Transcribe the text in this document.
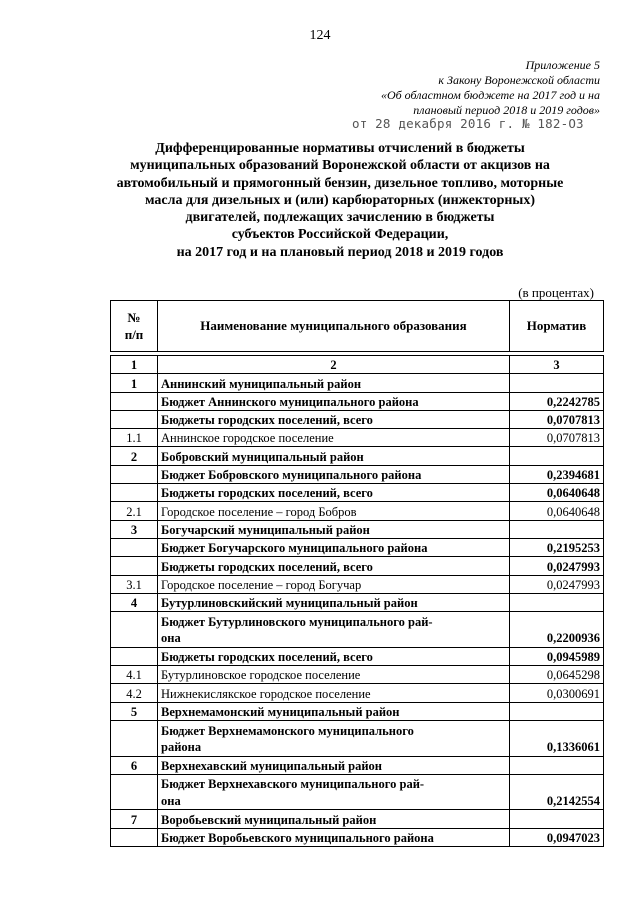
124
Приложение 5
к Закону Воронежской области
«Об областном бюджете на 2017 год и на
плановый период 2018 и 2019 годов»
от 28 декабря 2016 г. № 182-ОЗ
Дифференцированные нормативы отчислений в бюджеты
муниципальных образований Воронежской области от акцизов на
автомобильный и прямогонный бензин, дизельное топливо, моторные
масла для дизельных и (или) карбюраторных (инжекторных)
двигателей, подлежащих зачислению в бюджеты
субъектов Российской Федерации,
на 2017 год и на плановый период 2018 и 2019 годов
(в процентах)
№
п/п
	Наименование муниципального образования	Норматив
1	2	3
1	Аннинский муниципальный район	

	Бюджет Аннинского муниципального района	0,2242785

	Бюджеты городских поселений, всего	0,0707813
1.1	Аннинское городское поселение	0,0707813
2	Бобровский муниципальный район	

	Бюджет Бобровского муниципального района	0,2394681

	Бюджеты городских поселений, всего	0,0640648
2.1	Городское поселение – город Бобров	0,0640648
3	Богучарский муниципальный район	

	Бюджет Богучарского муниципального района	0,2195253

	Бюджеты городских поселений, всего	0,0247993
3.1	Городское поселение – город Богучар	0,0247993
4	Бутурлиновскийский муниципальный район	

	Бюджет Бутурлиновского муниципального рай-
она	0,2200936

	Бюджеты городских поселений, всего	0,0945989
4.1	Бутурлиновское городское поселение	0,0645298
4.2	Нижнекислякское городское поселение	0,0300691
5	Верхнемамонский муниципальный район	

	Бюджет Верхнемамонского муниципального
района	0,1336061
6	Верхнехавский муниципальный район	

	Бюджет Верхнехавского муниципального рай-
она	0,2142554
7	Воробьевский муниципальный район	

	Бюджет Воробьевского муниципального района	0,0947023
